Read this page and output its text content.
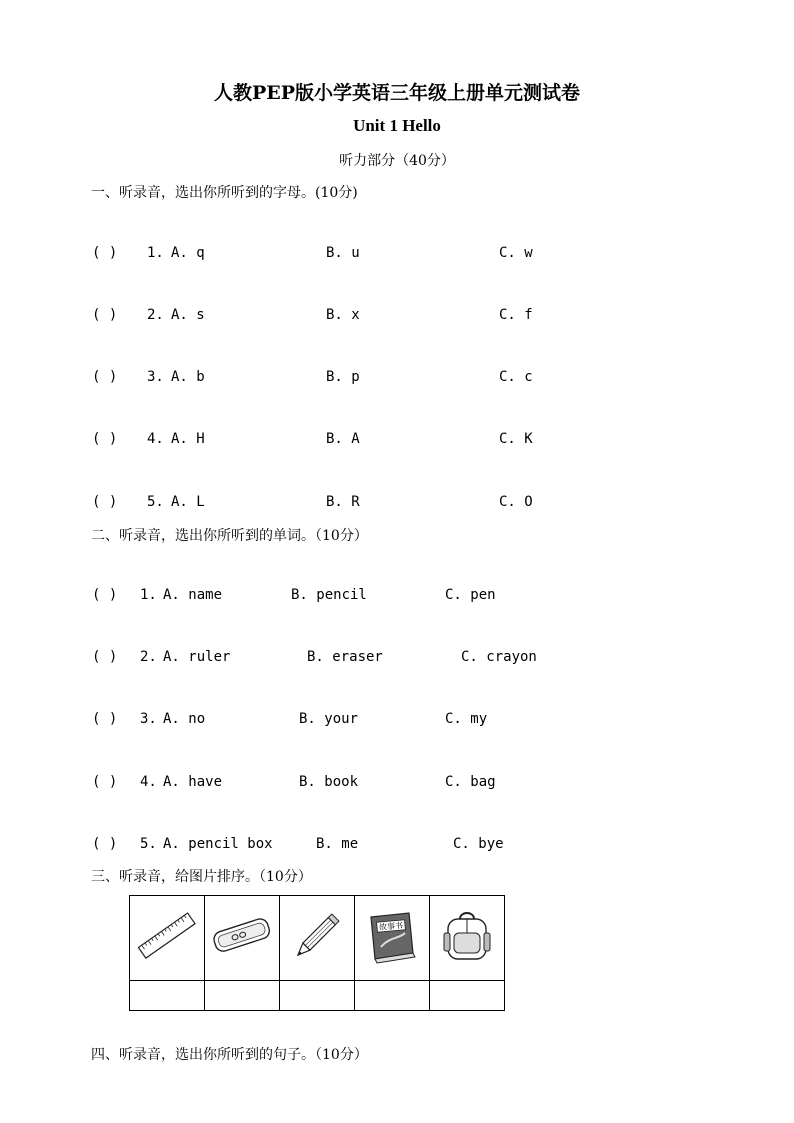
人教PEP版小学英语三年级上册单元测试卷
Unit 1 Hello
听力部分（40分）
一、听录音，选出你所听到的字母。(10分)
( ) 1. A. q	B. u	C. w
( ) 2. A. s	B. x	C. f
( ) 3. A. b	B. p	C. c
( ) 4. A. H	B. A	C. K
( ) 5. A. L	B. R	C. O
二、听录音，选出你所听到的单词。（10分）
( ) 1. A. name	B. pencil	C. pen
( ) 2. A. ruler	B. eraser	C. crayon
( ) 3. A. no	B. your	C. my
( ) 4. A. have	B. book	C. bag
( ) 5. A. pencil box	B. me	C. bye
三、听录音，给图片排序。（10分）

故事书

四、听录音，选出你所听到的句子。（10分）
